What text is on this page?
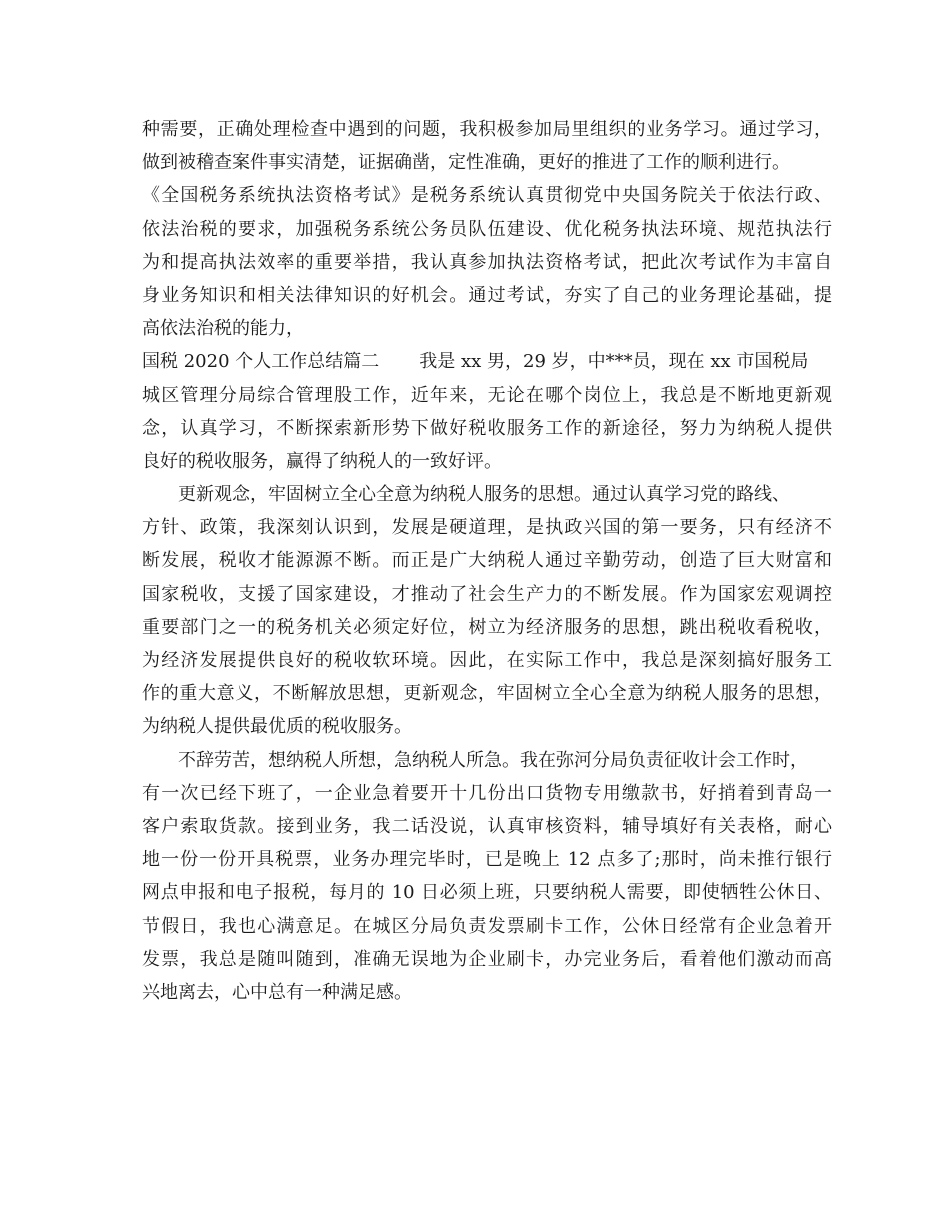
种需要，正确处理检查中遇到的问题，我积极参加局里组织的业务学习。通过学习，
做到被稽查案件事实清楚，证据确凿，定性准确，更好的推进了工作的顺利进行。
《全国税务系统执法资格考试》是税务系统认真贯彻党中央国务院关于依法行政、
依法治税的要求，加强税务系统公务员队伍建设、优化税务执法环境、规范执法行
为和提高执法效率的重要举措，我认真参加执法资格考试，把此次考试作为丰富自
身业务知识和相关法律知识的好机会。通过考试，夯实了自己的业务理论基础，提
高依法治税的能力，
国税 2020 个人工作总结篇二 我是 xx 男，29 岁，中***员，现在 xx 市国税局
城区管理分局综合管理股工作，近年来，无论在哪个岗位上，我总是不断地更新观
念，认真学习，不断探索新形势下做好税收服务工作的新途径，努力为纳税人提供
良好的税收服务，赢得了纳税人的一致好评。
更新观念，牢固树立全心全意为纳税人服务的思想。通过认真学习党的路线、
方针、政策，我深刻认识到，发展是硬道理，是执政兴国的第一要务，只有经济不
断发展，税收才能源源不断。而正是广大纳税人通过辛勤劳动，创造了巨大财富和
国家税收，支援了国家建设，才推动了社会生产力的不断发展。作为国家宏观调控
重要部门之一的税务机关必须定好位，树立为经济服务的思想，跳出税收看税收，
为经济发展提供良好的税收软环境。因此，在实际工作中，我总是深刻搞好服务工
作的重大意义，不断解放思想，更新观念，牢固树立全心全意为纳税人服务的思想，
为纳税人提供最优质的税收服务。
不辞劳苦，想纳税人所想，急纳税人所急。我在弥河分局负责征收计会工作时，
有一次已经下班了，一企业急着要开十几份出口货物专用缴款书，好捎着到青岛一
客户索取货款。接到业务，我二话没说，认真审核资料，辅导填好有关表格，耐心
地一份一份开具税票，业务办理完毕时，已是晚上 12 点多了;那时，尚未推行银行
网点申报和电子报税，每月的 10 日必须上班，只要纳税人需要，即使牺牲公休日、
节假日，我也心满意足。在城区分局负责发票刷卡工作，公休日经常有企业急着开
发票，我总是随叫随到，准确无误地为企业刷卡，办完业务后，看着他们激动而高
兴地离去，心中总有一种满足感。
